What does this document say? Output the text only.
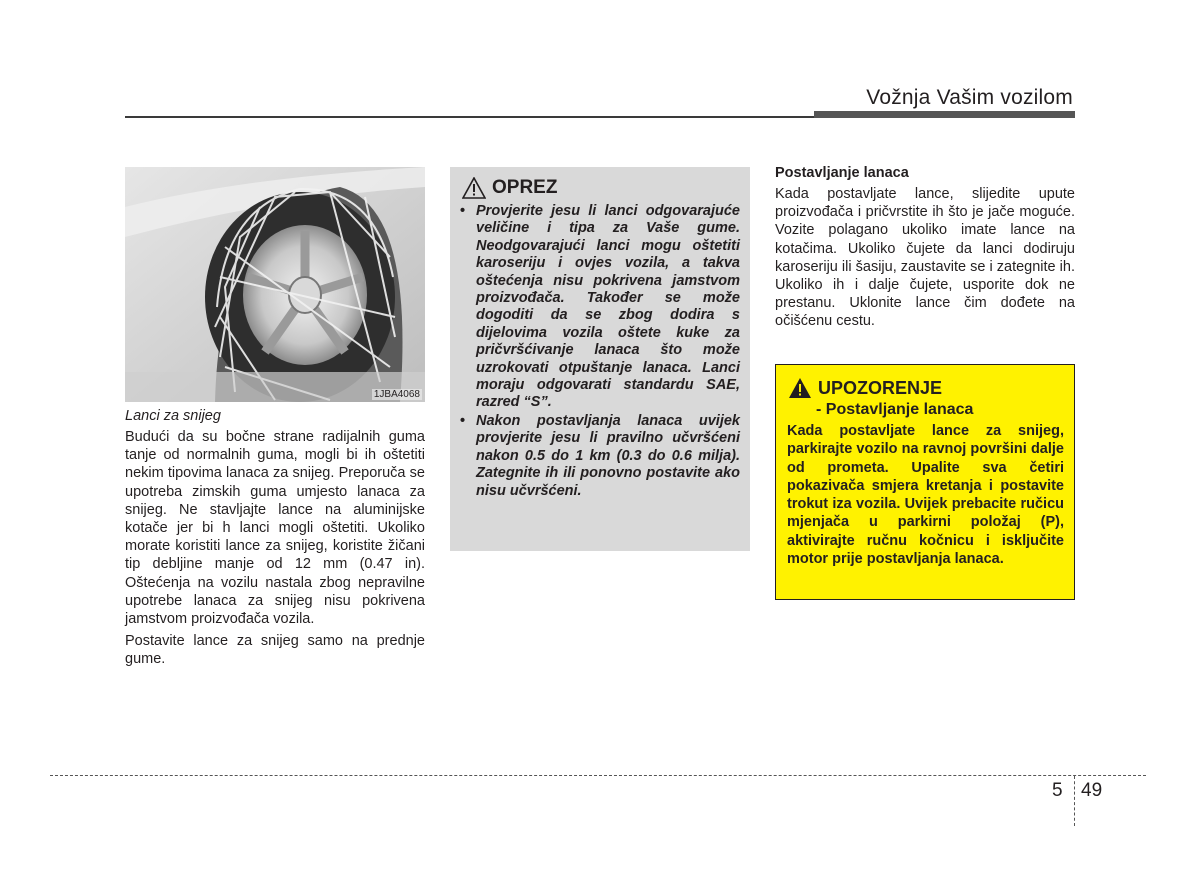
Vožnja Vašim vozilom
1JBA4068
Lanci za snijeg

Budući da su bočne strane radijalnih guma tanje od normalnih guma, mogli bi ih oštetiti nekim tipovima lanaca za snijeg. Preporuča se upotreba zimskih guma umjesto lanaca za snijeg. Ne stavljajte lance na aluminijske kotače jer bi h lanci mogli oštetiti. Ukoliko morate koristiti lance za snijeg, koristite žičani tip debljine manje od 12 mm (0.47 in). Oštećenja na vozilu nastala zbog nepravilne upotrebe lanaca za snijeg nisu pokrivena jamstvom proizvođača vozila.

Postavite lance za snijeg samo na prednje gume.

OPREZ
• Provjerite jesu li lanci odgovarajuće veličine i tipa za Vaše gume. Neodgovarajući lanci mogu oštetiti karoseriju i ovjes vozila, a takva oštećenja nisu pokrivena jamstvom proizvođača. Također se može dogoditi da se zbog dodira s dijelovima vozila oštete kuke za pričvršćivanje lanaca što može uzrokovati otpuštanje lanaca. Lanci moraju odgovarati standardu SAE, razred “S”.
• Nakon postavljanja lanaca uvijek provjerite jesu li pravilno učvršćeni nakon 0.5 do 1 km (0.3 do 0.6 milja). Zategnite ih ili ponovno postavite ako nisu učvršćeni.
Postavljanje lanaca

Kada postavljate lance, slijedite upute proizvođača i pričvrstite ih što je jače moguće. Vozite polagano ukoliko imate lance na kotačima. Ukoliko čujete da lanci dodiruju karoseriju ili šasiju, zaustavite se i zategnite ih. Ukoliko ih i dalje čujete, usporite dok ne prestanu. Uklonite lance čim dođete na očišćenu cestu.

UPOZORENJE
- Postavljanje lanaca

Kada postavljate lance za snijeg, parkirajte vozilo na ravnoj površini dalje od prometa. Upalite sva četiri pokazivača smjera kretanja i postavite trokut iza vozila. Uvijek prebacite ručicu mjenjača u parkirni položaj (P), aktivirajte ručnu kočnicu i isključite motor prije postavljanja lanaca.

5 49
